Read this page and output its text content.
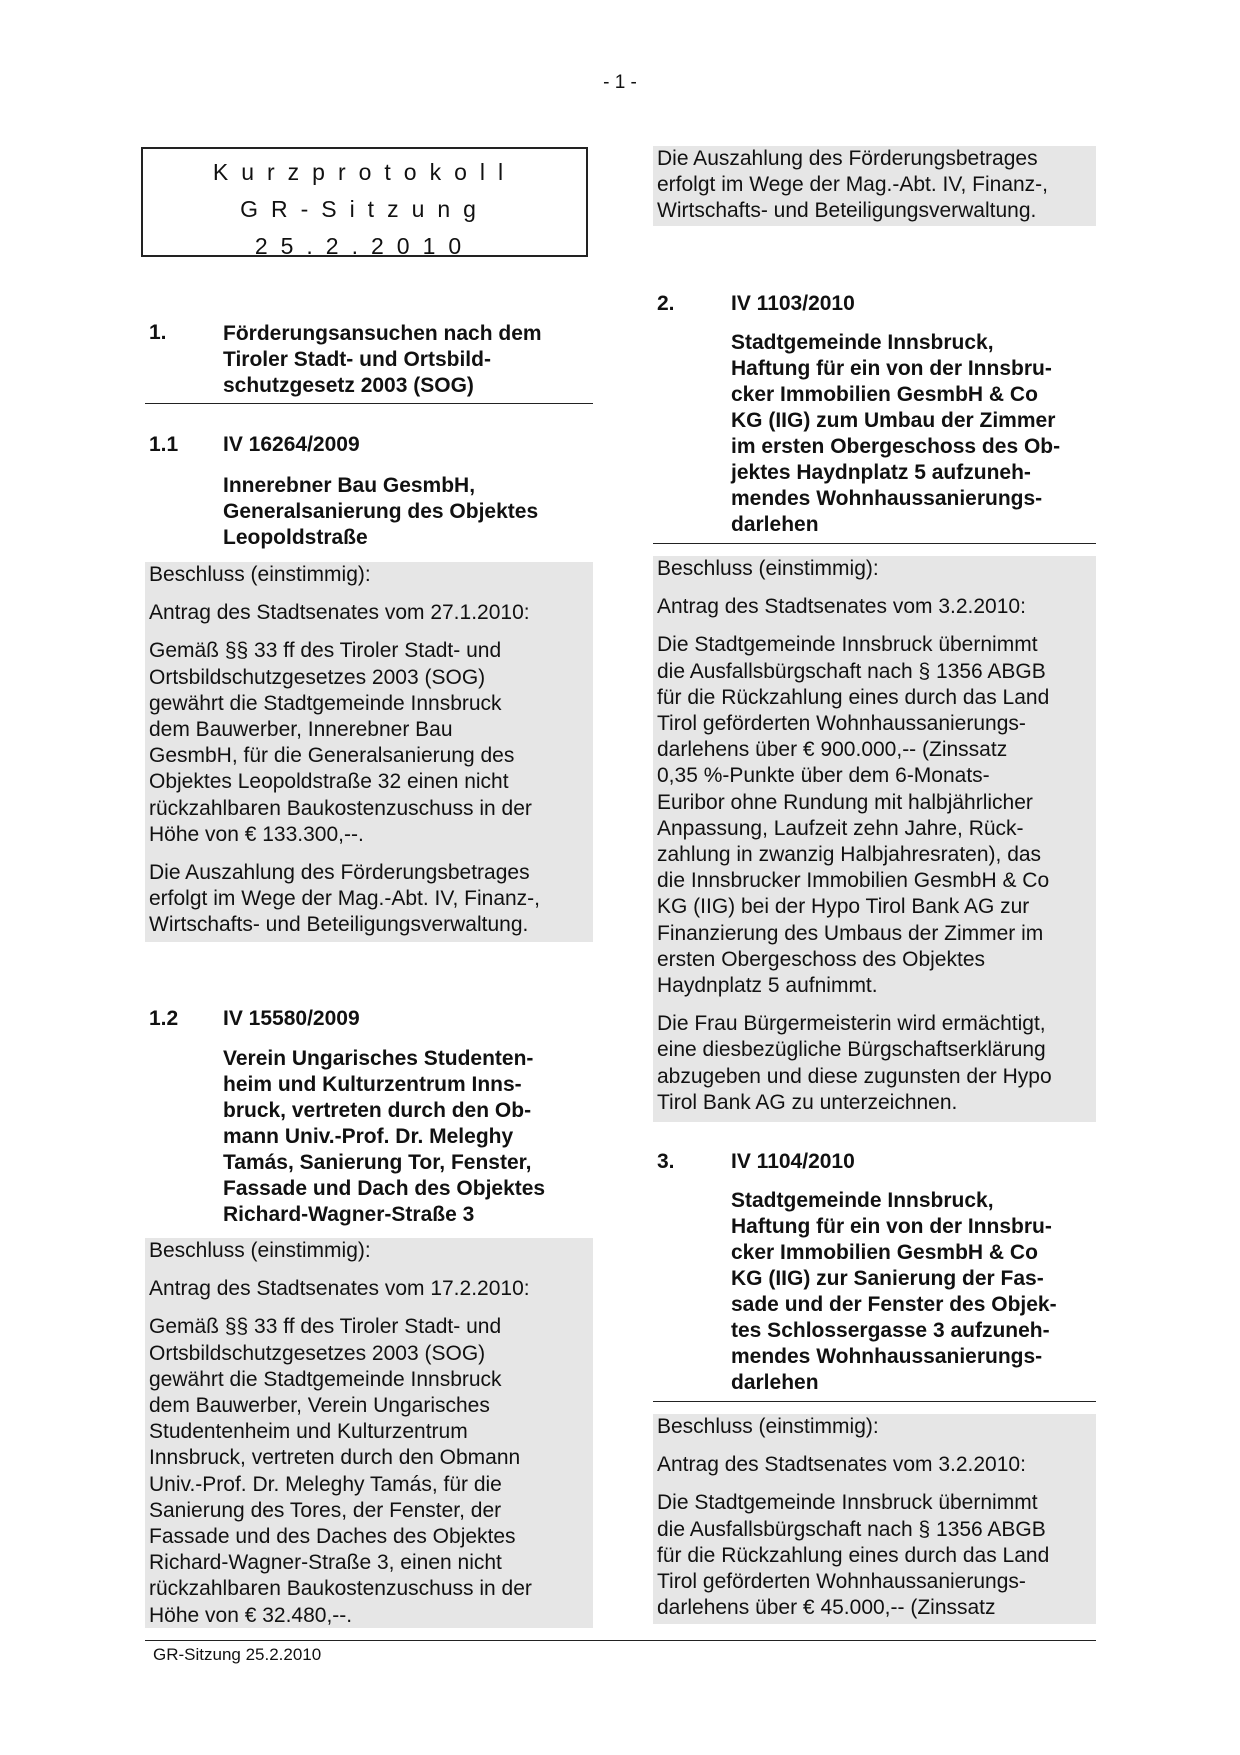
- 1 -
Kurzprotokoll
GR-Sitzung
25.2.2010
1.	Förderungsansuchen nach dem
Tiroler Stadt- und Ortsbild-
schutzgesetz 2003 (SOG)
1.1 IV 16264/2009
Innerebner Bau GesmbH,
Generalsanierung des Objektes
Leopoldstraße
Beschluss (einstimmig):
Antrag des Stadtsenates vom 27.1.2010:
Gemäß §§ 33 ff des Tiroler Stadt- und
Ortsbildschutzgesetzes 2003 (SOG)
gewährt die Stadtgemeinde Innsbruck
dem Bauwerber, Innerebner Bau
GesmbH, für die Generalsanierung des
Objektes Leopoldstraße 32 einen nicht
rückzahlbaren Baukostenzuschuss in der
Höhe von € 133.300,--.
Die Auszahlung des Förderungsbetrages
erfolgt im Wege der Mag.-Abt. IV, Finanz-,
Wirtschafts- und Beteiligungsverwaltung.
1.2 IV 15580/2009
Verein Ungarisches Studenten-
heim und Kulturzentrum Inns-
bruck, vertreten durch den Ob-
mann Univ.-Prof. Dr. Meleghy
Tamás, Sanierung Tor, Fenster,
Fassade und Dach des Objektes
Richard-Wagner-Straße 3
Beschluss (einstimmig):
Antrag des Stadtsenates vom 17.2.2010:
Gemäß §§ 33 ff des Tiroler Stadt- und
Ortsbildschutzgesetzes 2003 (SOG)
gewährt die Stadtgemeinde Innsbruck
dem Bauwerber, Verein Ungarisches
Studentenheim und Kulturzentrum
Innsbruck, vertreten durch den Obmann
Univ.-Prof. Dr. Meleghy Tamás, für die
Sanierung des Tores, der Fenster, der
Fassade und des Daches des Objektes
Richard-Wagner-Straße 3, einen nicht
rückzahlbaren Baukostenzuschuss in der
Höhe von € 32.480,--.
Die Auszahlung des Förderungsbetrages
erfolgt im Wege der Mag.-Abt. IV, Finanz-,
Wirtschafts- und Beteiligungsverwaltung.
2.	IV 1103/2010
Stadtgemeinde Innsbruck,
Haftung für ein von der Innsbru-
cker Immobilien GesmbH & Co
KG (IIG) zum Umbau der Zimmer
im ersten Obergeschoss des Ob-
jektes Haydnplatz 5 aufzuneh-
mendes Wohnhaussanierungs-
darlehen
Beschluss (einstimmig):
Antrag des Stadtsenates vom 3.2.2010:
Die Stadtgemeinde Innsbruck übernimmt
die Ausfallsbürgschaft nach § 1356 ABGB
für die Rückzahlung eines durch das Land
Tirol geförderten Wohnhaussanierungs-
darlehens über € 900.000,-- (Zinssatz
0,35 %-Punkte über dem 6-Monats-
Euribor ohne Rundung mit halbjährlicher
Anpassung, Laufzeit zehn Jahre, Rück-
zahlung in zwanzig Halbjahresraten), das
die Innsbrucker Immobilien GesmbH & Co
KG (IIG) bei der Hypo Tirol Bank AG zur
Finanzierung des Umbaus der Zimmer im
ersten Obergeschoss des Objektes
Haydnplatz 5 aufnimmt.
Die Frau Bürgermeisterin wird ermächtigt,
eine diesbezügliche Bürgschaftserklärung
abzugeben und diese zugunsten der Hypo
Tirol Bank AG zu unterzeichnen.
3.	IV 1104/2010
Stadtgemeinde Innsbruck,
Haftung für ein von der Innsbru-
cker Immobilien GesmbH & Co
KG (IIG) zur Sanierung der Fas-
sade und der Fenster des Objek-
tes Schlossergasse 3 aufzuneh-
mendes Wohnhaussanierungs-
darlehen
Beschluss (einstimmig):
Antrag des Stadtsenates vom 3.2.2010:
Die Stadtgemeinde Innsbruck übernimmt
die Ausfallsbürgschaft nach § 1356 ABGB
für die Rückzahlung eines durch das Land
Tirol geförderten Wohnhaussanierungs-
darlehens über € 45.000,-- (Zinssatz
GR-Sitzung 25.2.2010
